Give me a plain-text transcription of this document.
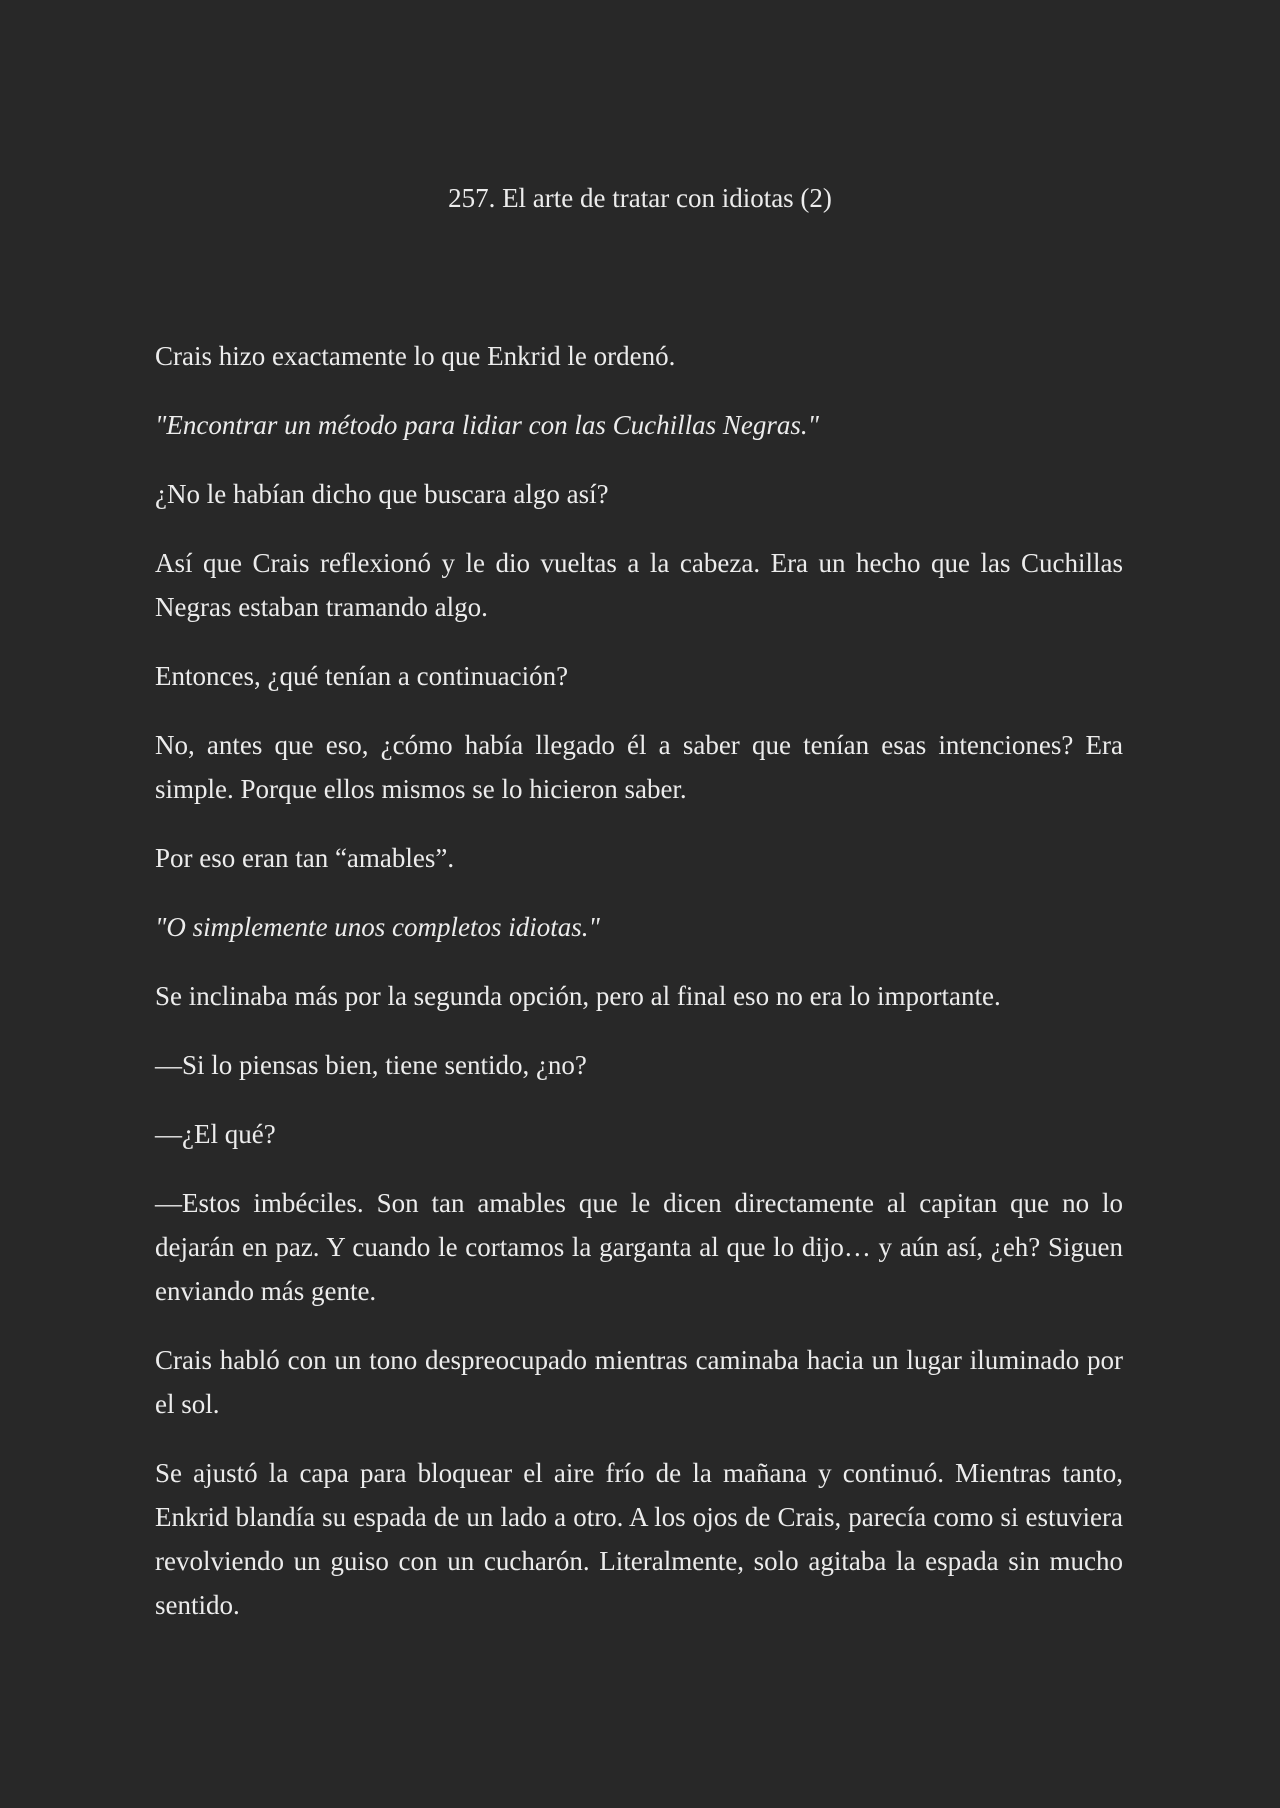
257. El arte de tratar con idiotas (2)

Crais hizo exactamente lo que Enkrid le ordenó.

"Encontrar un método para lidiar con las Cuchillas Negras."

¿No le habían dicho que buscara algo así?

Así que Crais reflexionó y le dio vueltas a la cabeza. Era un hecho que las Cuchillas Negras estaban tramando algo.

Entonces, ¿qué tenían a continuación?

No, antes que eso, ¿cómo había llegado él a saber que tenían esas intenciones? Era simple. Porque ellos mismos se lo hicieron saber.

Por eso eran tan “amables”.

"O simplemente unos completos idiotas."

Se inclinaba más por la segunda opción, pero al final eso no era lo importante.

—Si lo piensas bien, tiene sentido, ¿no?

—¿El qué?

—Estos imbéciles. Son tan amables que le dicen directamente al capitan que no lo dejarán en paz. Y cuando le cortamos la garganta al que lo dijo… y aún así, ¿eh? Siguen enviando más gente.

Crais habló con un tono despreocupado mientras caminaba hacia un lugar iluminado por el sol.

Se ajustó la capa para bloquear el aire frío de la mañana y continuó. Mientras tanto, Enkrid blandía su espada de un lado a otro. A los ojos de Crais, parecía como si estuviera revolviendo un guiso con un cucharón. Literalmente, solo agitaba la espada sin mucho sentido.
